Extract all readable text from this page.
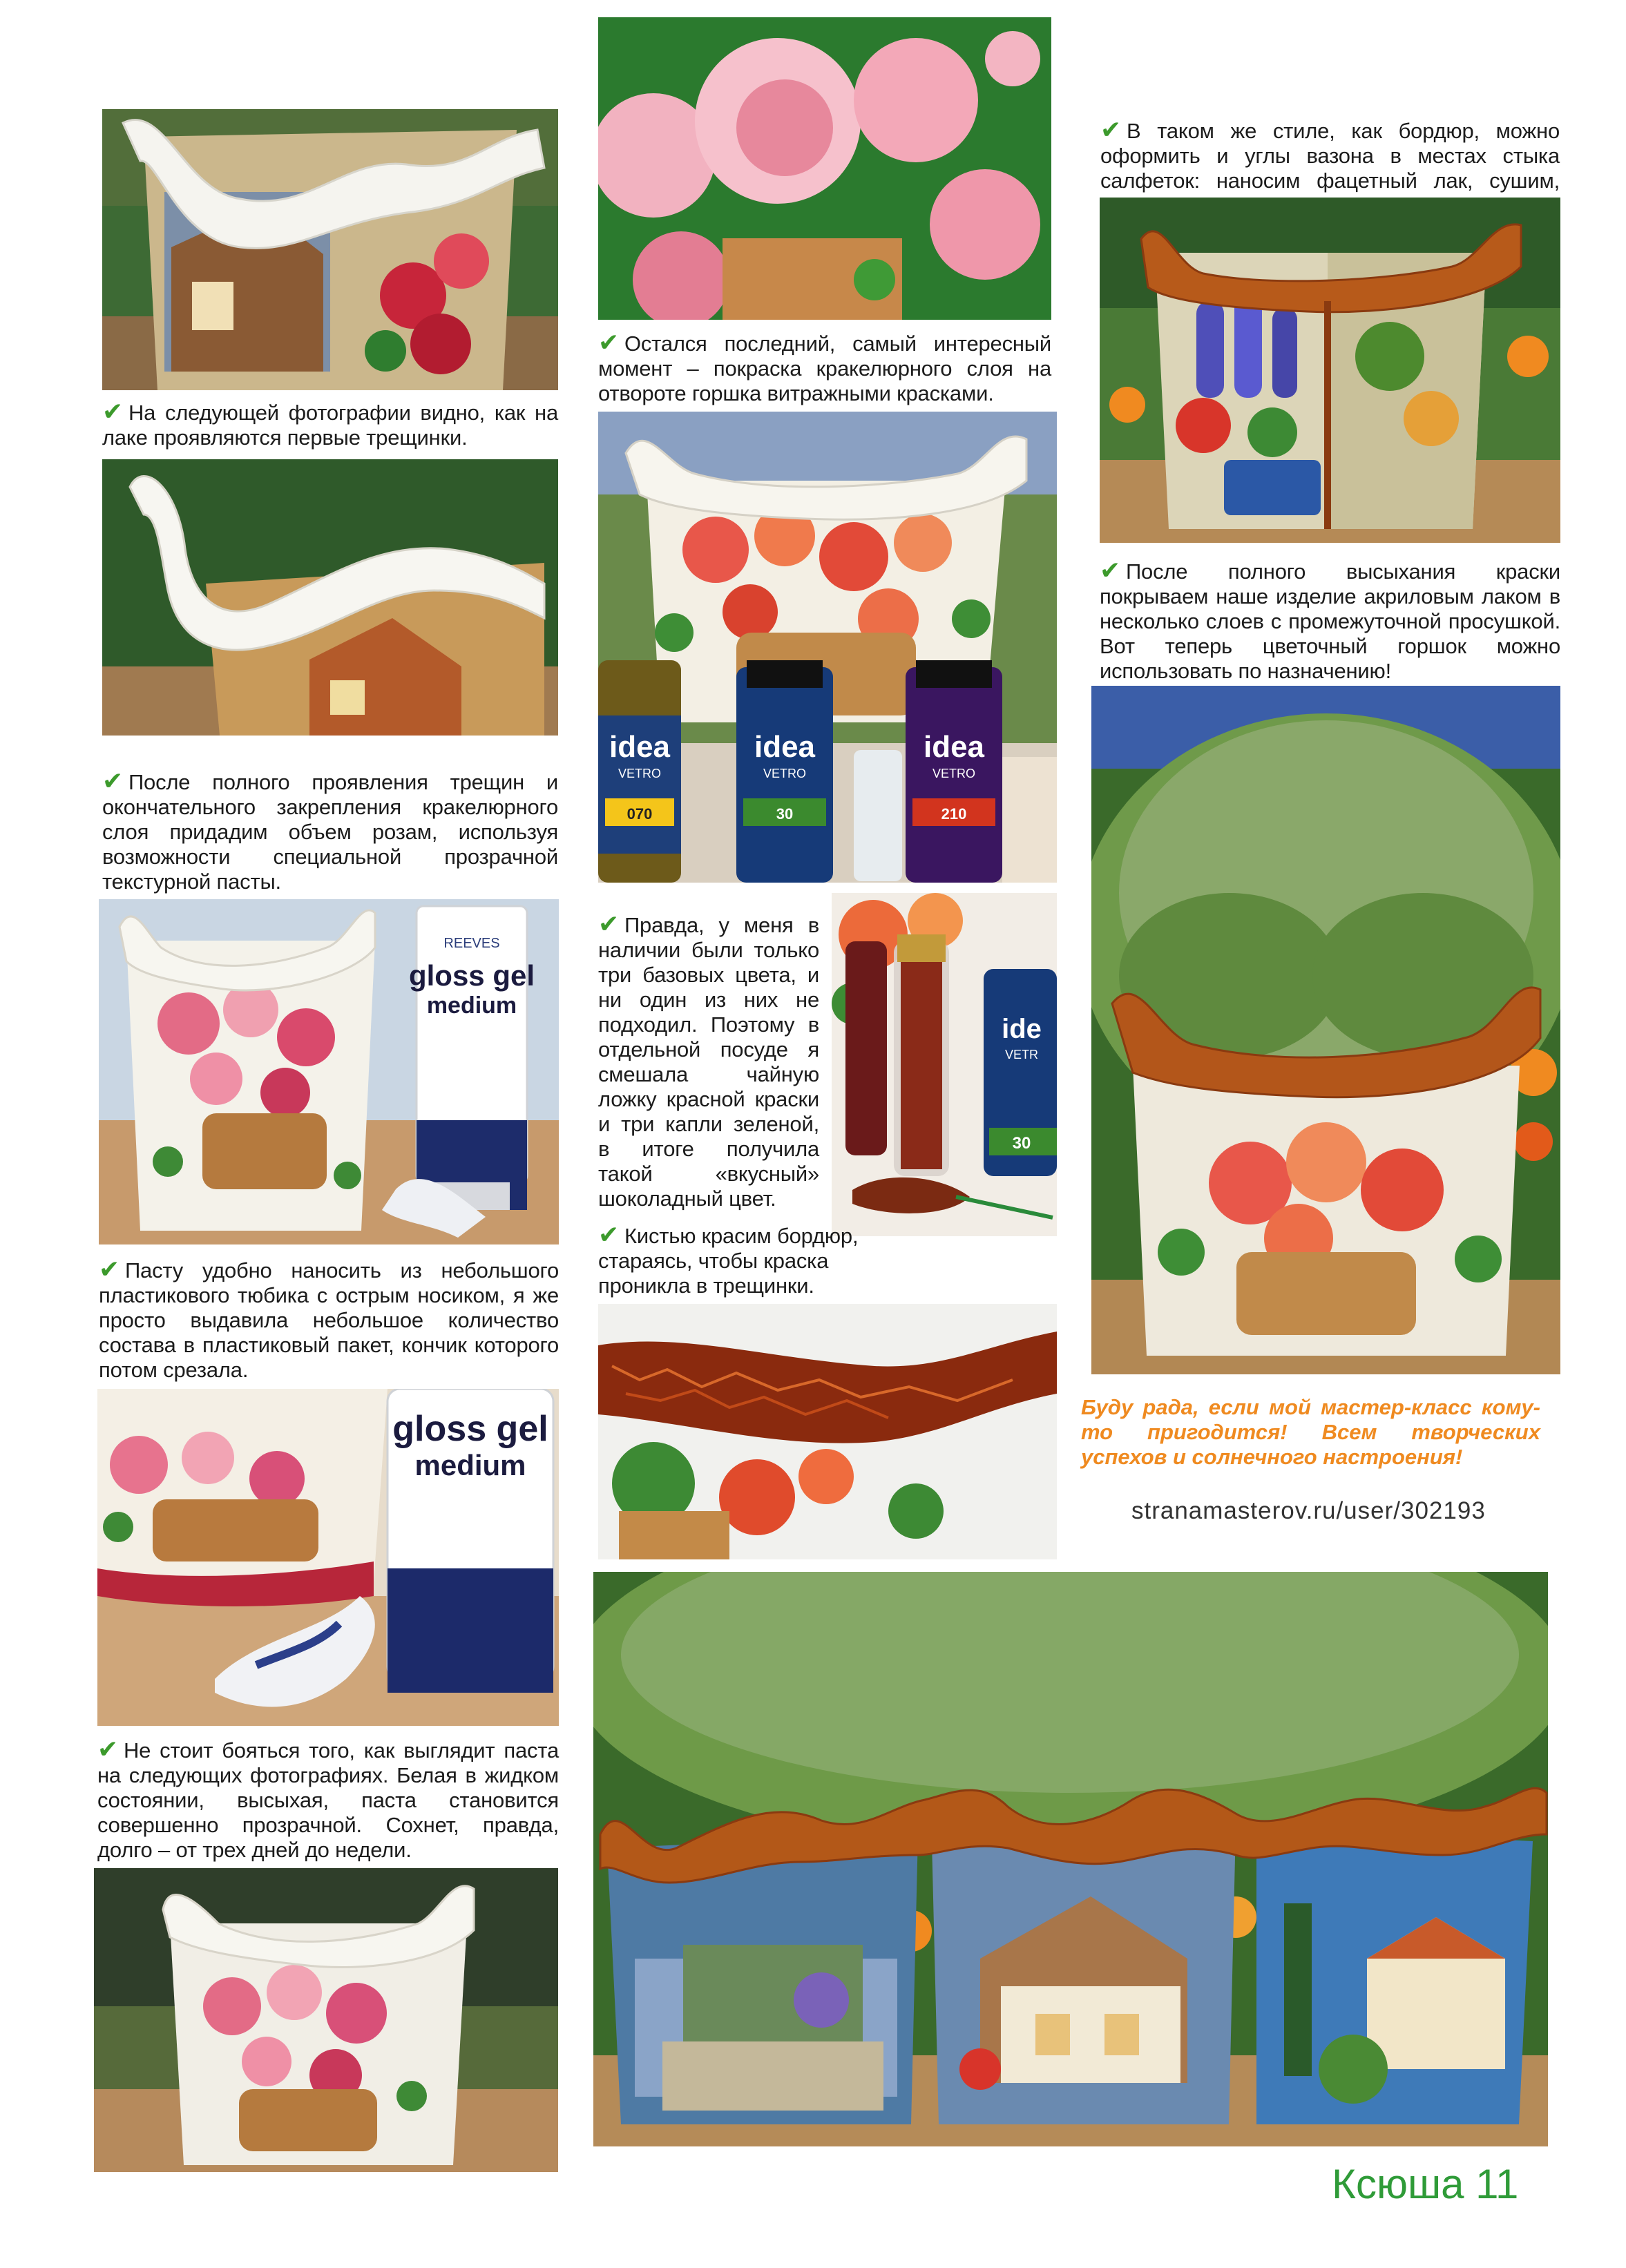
✔ На следующей фотографии видно, как на лаке проявляются первые трещинки.
✔ После полного проявления трещин и окончательного закрепления кракелюрного слоя придадим объем розам, используя возможности специальной прозрачной текстурной пасты.
REEVES
gloss gel
medium
✔ Пасту удобно наносить из небольшого пластикового тюбика с острым носиком, я же просто выдавила небольшое количество состава в пластиковый пакет, кончик которого потом срезала.
gloss gel
medium
✔ Не стоит бояться того, как выглядит паста на следующих фотографиях. Белая в жидком состоянии, высыхая, паста становится совершенно прозрачной. Сохнет, правда, долго – от трех дней до недели.
✔ Остался последний, самый интересный момент – покраска кракелюрного слоя на отвороте горшка витражными красками.
idea
VETRO
070
idea
VETRO
30
idea
VETRO
210
✔ Правда, у меня в наличии были только три базовых цвета, и ни один из них не подходил. Поэтому в отдельной посуде я смешала чайную ложку красной краски и три капли зеленой, в итоге получила такой «вкусный» шоколадный цвет.
ide
VETR
30
✔ Кистью красим бордюр, стараясь, чтобы краска проникла в трещинки.
✔ В таком же стиле, как бордюр, можно оформить и углы вазона в местах стыка салфеток: наносим фацетный лак, сушим,
✔ После полного высыхания краски покрываем наше изделие акриловым лаком в несколько слоев с промежуточной просушкой. Вот теперь цветочный горшок можно использовать по назначению!
Буду рада, если мой мастер-класс кому-то пригодится! Всем творческих успехов и солнечного настроения!
stranamasterov.ru/user/302193
Ксюша 11
